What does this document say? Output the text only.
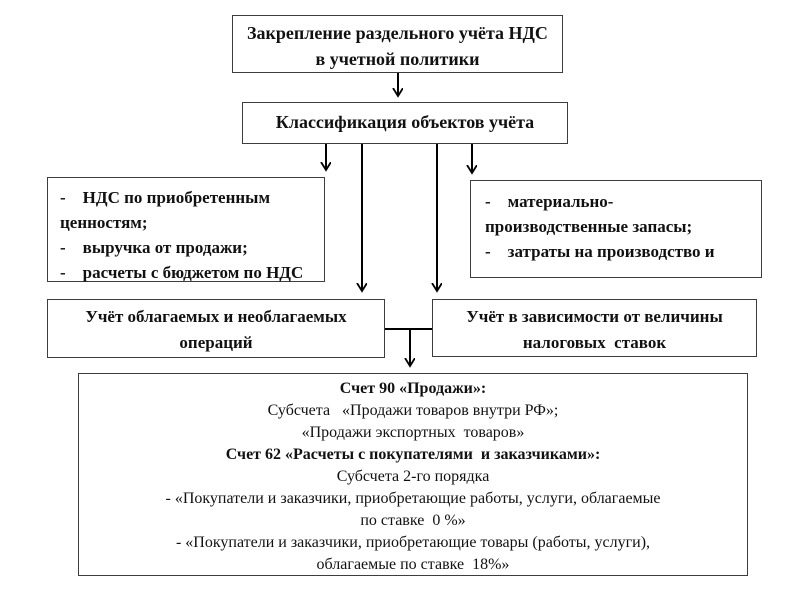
Закрепление раздельного учёта НДС
в учетной политики
Классификация объектов учёта
-    НДС по приобретенным
ценностям;
-    выручка от продажи;
-    расчеты с бюджетом по НДС
-    материально-
производственные запасы;
-    затраты на производство и
Учёт облагаемых и необлагаемых
операций
Учёт в зависимости от величины
налоговых  ставок
Счет 90 «Продажи»:
Субсчета   «Продажи товаров внутри РФ»;
«Продажи экспортных  товаров»
Счет 62 «Расчеты с покупателями  и заказчиками»:
Субсчета 2-го порядка
- «Покупатели и заказчики, приобретающие работы, услуги, облагаемые
по ставке  0 %»
- «Покупатели и заказчики, приобретающие товары (работы, услуги),
облагаемые по ставке  18%»
